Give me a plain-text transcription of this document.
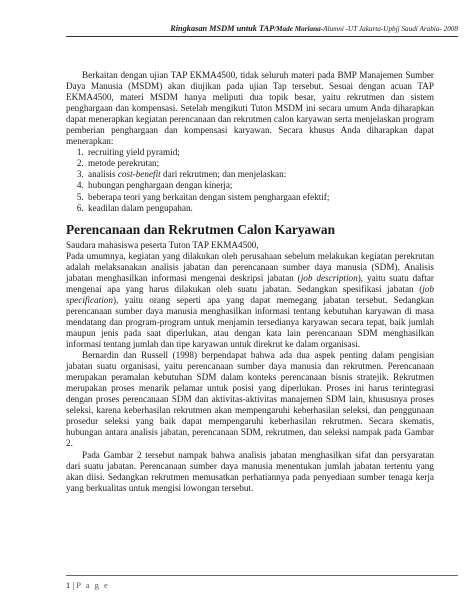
Ringkasan MSDM untuk TAP/Made Mariana-Alumni -UT Jakarta-Upbjj Saudi Arabia- 2008

Berkaitan dengan ujian TAP EKMA4500, tidak seluruh materi pada BMP Manajemen Sumber Daya Manusia (MSDM) akan diujikan pada ujian Tap tersebut. Sesuai dengan acuan TAP EKMA4500, materi MSDM hanya meliputi dua topik besar, yaitu rekrutmen dan sistem penghargaan dan kompensasi. Setelah mengikuti Tuton MSDM ini secara umum Anda diharapkan dapat menerapkan kegiatan perencanaan dan rekrutmen calon karyawan serta menjelaskan program pemberian penghargaan dan kompensasi karyawan. Secara khusus Anda diharapkan dapat menerapkan:

1. recruiting yield pyramid;
2. metode perekrutan;
3. analisis cost-benefit dari rekrutmen; dan menjelaskan:
4. hubungan penghargaan dengan kinerja;
5. beberapa teori yang berkaitan dengan sistem penghargaan efektif;
6. keadilan dalam pengupahan.
Perencanaan dan Rekrutmen Calon Karyawan

Saudara mahasiswa peserta Tuton TAP EKMA4500,

Pada umumnya, kegiatan yang dilakukan oleh perusahaan sebelum melakukan kegiatan perekrutan adalah melaksanakan analisis jabatan dan perencanaan sumber daya manusia (SDM). Analisis jabatan menghasilkan informasi mengenai deskripsi jabatan (job description), yaitu suatu daftar mengenai apa yang harus dilakukan oleh suatu jabatan. Sedangkan spesifikasi jabatan (job specification), yaitu orang seperti apa yang dapat memegang jabatan tersebut. Sedangkan perencanaan sumber daya manusia menghasilkan informasi tentang kebutuhan karyawan di masa mendatang dan program-program untuk menjamin tersedianya karyawan secara tepat, baik jumlah maupun jenis pada saat diperlukan, atau dengan kata lain perencanaan SDM menghasilkan informasi tentang jumlah dan tipe karyawan untuk direkrut ke dalam organisasi.

Bernardin dan Russell (1998) berpendapat bahwa ada dua aspek penting dalam pengisian jabatan suatu organisasi, yaitu perencanaan sumber daya manusia dan rekrutmen. Perencanaan merupakan peramalan kebutuhan SDM dalam konteks perencanaan bisnis stratejik. Rekrutmen merupakan proses menarik pelamar untuk posisi yang diperlukan. Proses ini harus terintegrasi dengan proses perencanaan SDM dan aktivitas-aktivitas manajemen SDM lain, khususnya proses seleksi, karena keberhasilan rekrutmen akan mempengaruhi keberhasilan seleksi, dan penggunaan prosedur seleksi yang baik dapat mempengaruhi keberhasilan rekrutmen. Secara skematis, hubungan antara analisis jabatan, perencanaan SDM, rekrutmen, dan seleksi nampak pada Gambar 2.

Pada Gambar 2 tersebut nampak bahwa analisis jabatan menghasilkan sifat dan persyaratan dari suatu jabatan. Perencanaan sumber daya manusia menentukan jumlah jabatan tertentu yang akan diisi. Sedangkan rekrutmen memusatkan perhatiannya pada penyediaan sumber tenaga kerja yang berkualitas untuk mengisi lowongan tersebut.

1 | P a g e
